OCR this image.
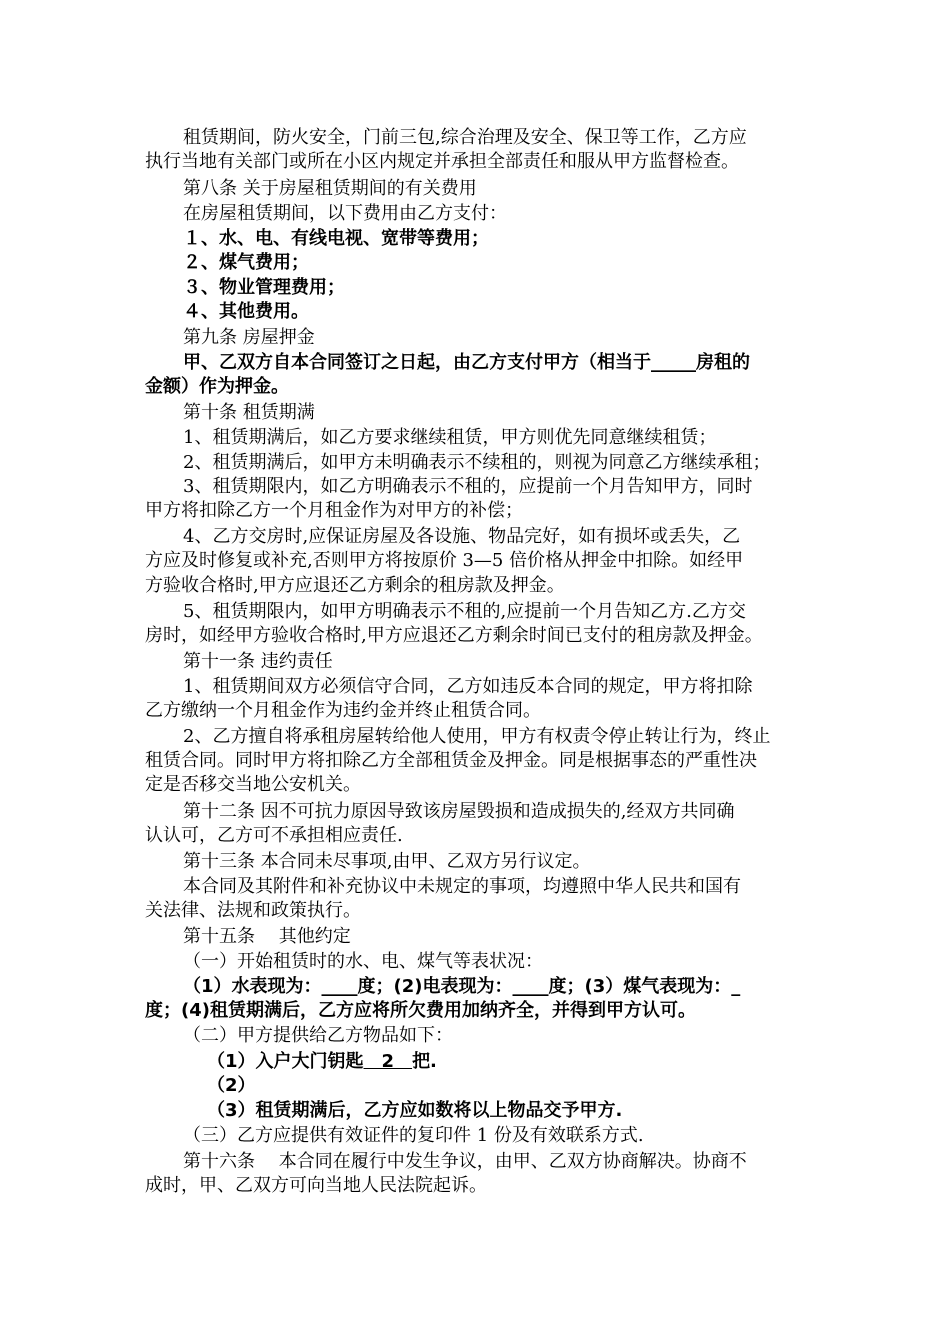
租赁期间，防火安全，门前三包,综合治理及安全、保卫等工作，乙方应
执行当地有关部门或所在小区内规定并承担全部责任和服从甲方监督检查。
第八条 关于房屋租赁期间的有关费用
在房屋租赁期间，以下费用由乙方支付：
１、水、电、有线电视、宽带等费用；
２、煤气费用；
３、物业管理费用；
４、其他费用。
第九条 房屋押金
甲、乙双方自本合同签订之日起，由乙方支付甲方（相当于_____房租的
金额）作为押金。
第十条 租赁期满
1、租赁期满后，如乙方要求继续租赁，甲方则优先同意继续租赁；
2、租赁期满后，如甲方未明确表示不续租的，则视为同意乙方继续承租；
3、租赁期限内，如乙方明确表示不租的，应提前一个月告知甲方，同时
甲方将扣除乙方一个月租金作为对甲方的补偿；
4、乙方交房时,应保证房屋及各设施、物品完好，如有损坏或丢失，乙
方应及时修复或补充,否则甲方将按原价 3—5 倍价格从押金中扣除。如经甲
方验收合格时,甲方应退还乙方剩余的租房款及押金。
5、租赁期限内，如甲方明确表示不租的,应提前一个月告知乙方.乙方交
房时，如经甲方验收合格时,甲方应退还乙方剩余时间已支付的租房款及押金。
第十一条 违约责任
1、租赁期间双方必须信守合同，乙方如违反本合同的规定，甲方将扣除
乙方缴纳一个月租金作为违约金并终止租赁合同。
2、乙方擅自将承租房屋转给他人使用，甲方有权责令停止转让行为，终止
租赁合同。同时甲方将扣除乙方全部租赁金及押金。同是根据事态的严重性决
定是否移交当地公安机关。
第十二条 因不可抗力原因导致该房屋毁损和造成损失的,经双方共同确
认认可，乙方可不承担相应责任.
第十三条 本合同未尽事项,由甲、乙双方另行议定。
本合同及其附件和补充协议中未规定的事项，均遵照中华人民共和国有
关法律、法规和政策执行。
第十五条　 其他约定
（一）开始租赁时的水、电、煤气等表状况：
（1）水表现为：____度；(2)电表现为：____度；(3）煤气表现为：_
度；(4)租赁期满后，乙方应将所欠费用加纳齐全，并得到甲方认可。
（二）甲方提供给乙方物品如下：
（1）入户大门钥匙　2　把.
（2）
（3）租赁期满后，乙方应如数将以上物品交予甲方.
（三）乙方应提供有效证件的复印件 1 份及有效联系方式.
第十六条　 本合同在履行中发生争议，由甲、乙双方协商解决。协商不
成时，甲、乙双方可向当地人民法院起诉。
